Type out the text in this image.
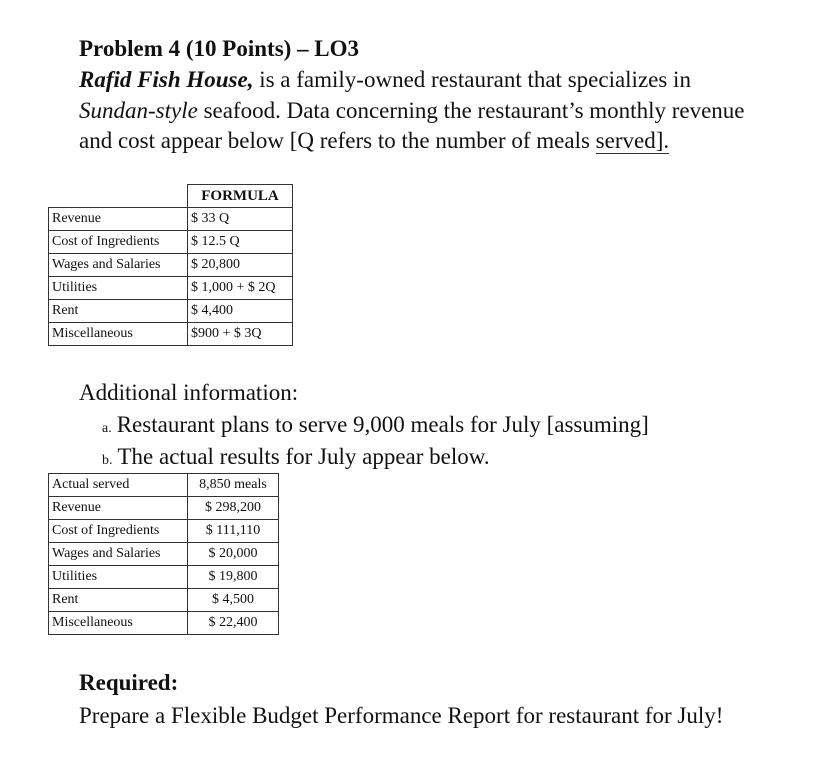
Problem 4 (10 Points) – LO3
Rafid Fish House, is a family-owned restaurant that specializes in Sundan-style seafood. Data concerning the restaurant’s monthly revenue and cost appear below [Q refers to the number of meals served].
	FORMULA
Revenue	$ 33 Q
Cost of Ingredients	$ 12.5 Q
Wages and Salaries	$ 20,800
Utilities	$ 1,000 + $ 2Q
Rent	$ 4,400
Miscellaneous	$900 + $ 3Q
Additional information:
a. Restaurant plans to serve 9,000 meals for July [assuming]
b. The actual results for July appear below.
Actual served	8,850 meals
Revenue	$ 298,200
Cost of Ingredients	$ 111,110
Wages and Salaries	$ 20,000
Utilities	$ 19,800
Rent	$ 4,500
Miscellaneous	$ 22,400
Required:
Prepare a Flexible Budget Performance Report for restaurant for July!
